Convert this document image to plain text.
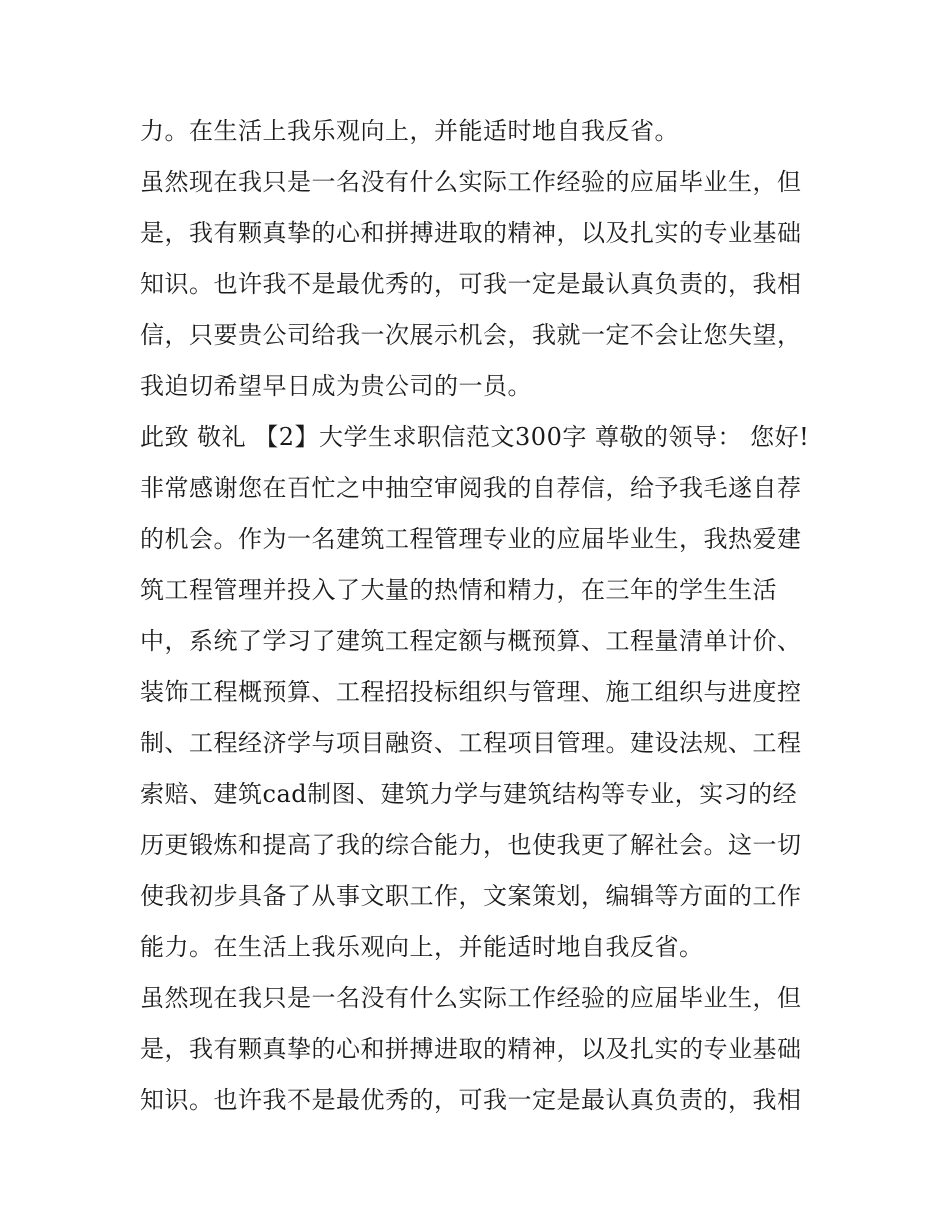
力。在生活上我乐观向上，并能适时地自我反省。
虽然现在我只是一名没有什么实际工作经验的应届毕业生，但
是，我有颗真挚的心和拼搏进取的精神，以及扎实的专业基础
知识。也许我不是最优秀的，可我一定是最认真负责的，我相
信，只要贵公司给我一次展示机会，我就一定不会让您失望，
我迫切希望早日成为贵公司的一员。
此致 敬礼 【2】大学生求职信范文300字 尊敬的领导： 您好!
非常感谢您在百忙之中抽空审阅我的自荐信，给予我毛遂自荐
的机会。作为一名建筑工程管理专业的应届毕业生，我热爱建
筑工程管理并投入了大量的热情和精力，在三年的学生生活
中，系统了学习了建筑工程定额与概预算、工程量清单计价、
装饰工程概预算、工程招投标组织与管理、施工组织与进度控
制、工程经济学与项目融资、工程项目管理。建设法规、工程
索赔、建筑cad制图、建筑力学与建筑结构等专业，实习的经
历更锻炼和提高了我的综合能力，也使我更了解社会。这一切
使我初步具备了从事文职工作，文案策划，编辑等方面的工作
能力。在生活上我乐观向上，并能适时地自我反省。
虽然现在我只是一名没有什么实际工作经验的应届毕业生，但
是，我有颗真挚的心和拼搏进取的精神，以及扎实的专业基础
知识。也许我不是最优秀的，可我一定是最认真负责的，我相
